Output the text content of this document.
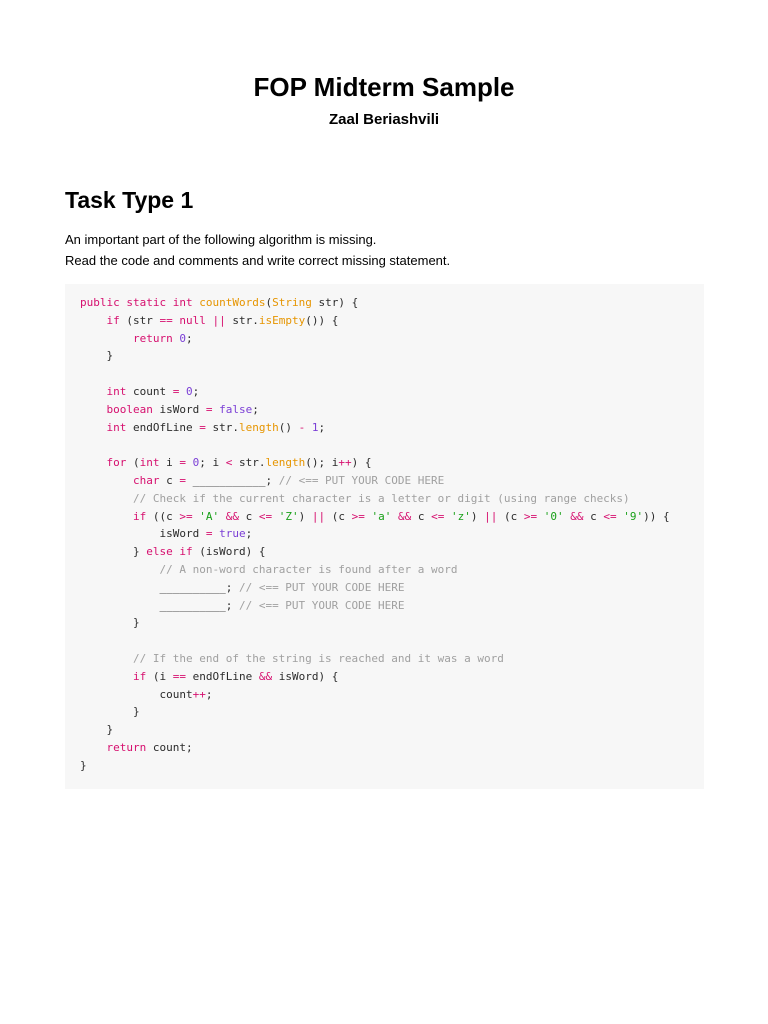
FOP Midterm Sample
Zaal Beriashvili
Task Type 1
An important part of the following algorithm is missing.
Read the code and comments and write correct missing statement.
public static int countWords(String str) {
if (str == null || str.isEmpty()) {
return 0;
}
int count = 0;
boolean isWord = false;
int endOfLine = str.length() - 1;
for (int i = 0; i < str.length(); i++) {
char c = ___________; // <== PUT YOUR CODE HERE
// Check if the current character is a letter or digit (using range checks)
if ((c >= 'A' && c <= 'Z') || (c >= 'a' && c <= 'z') || (c >= '0' && c <= '9')) {
isWord = true;
} else if (isWord) {
// A non-word character is found after a word
__________; // <== PUT YOUR CODE HERE
__________; // <== PUT YOUR CODE HERE
}
// If the end of the string is reached and it was a word
if (i == endOfLine && isWord) {
count++;
}
}
return count;
}
